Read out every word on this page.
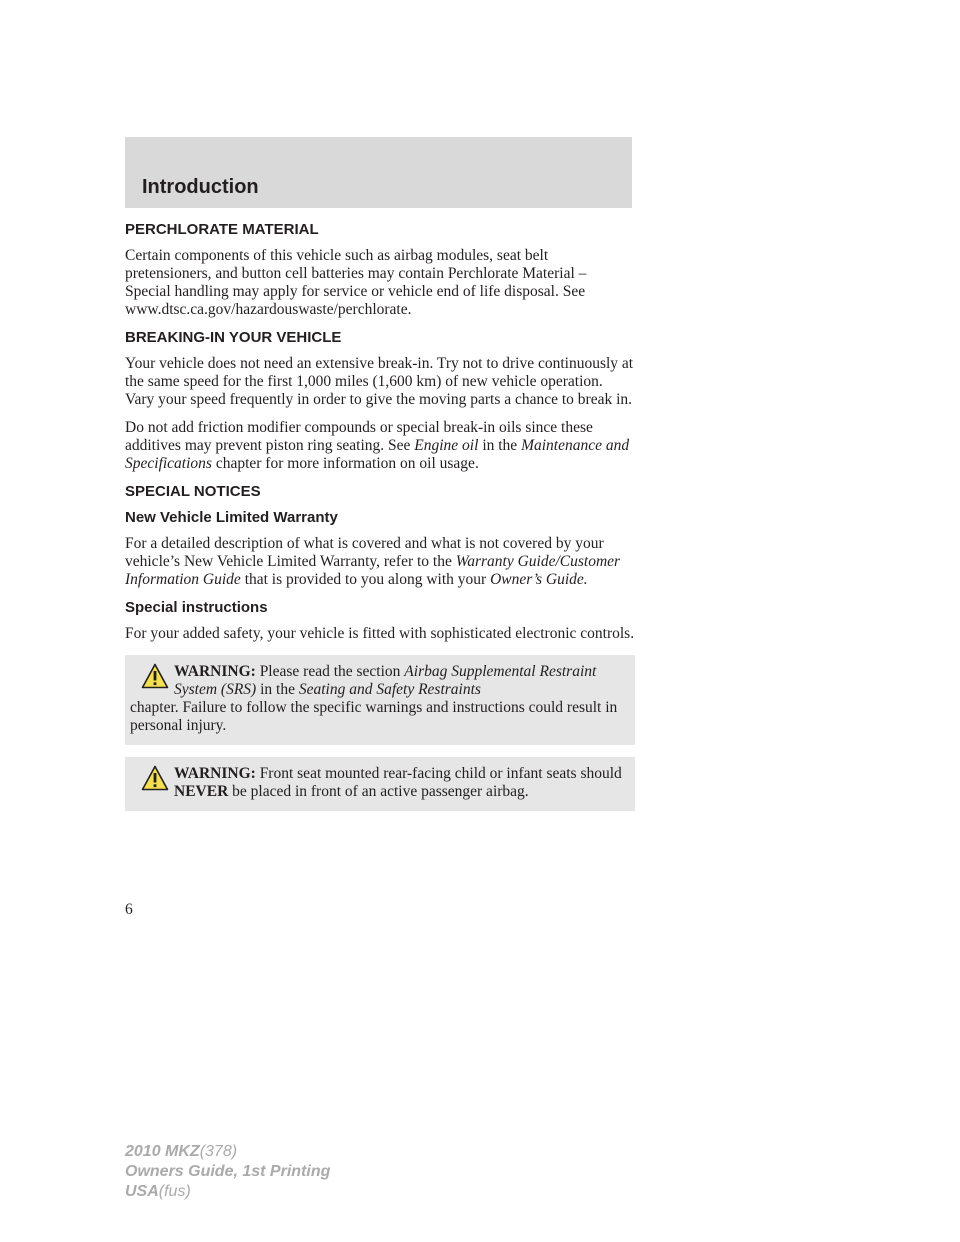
Introduction
PERCHLORATE MATERIAL

Certain components of this vehicle such as airbag modules, seat belt pretensioners, and button cell batteries may contain Perchlorate Material – Special handling may apply for service or vehicle end of life disposal. See www.dtsc.ca.gov/hazardouswaste/perchlorate.

BREAKING-IN YOUR VEHICLE

Your vehicle does not need an extensive break-in. Try not to drive continuously at the same speed for the first 1,000 miles (1,600 km) of new vehicle operation. Vary your speed frequently in order to give the moving parts a chance to break in.

Do not add friction modifier compounds or special break-in oils since these additives may prevent piston ring seating. See Engine oil in the Maintenance and Specifications chapter for more information on oil usage.

SPECIAL NOTICES
New Vehicle Limited Warranty

For a detailed description of what is covered and what is not covered by your vehicle’s New Vehicle Limited Warranty, refer to the Warranty Guide/Customer Information Guide that is provided to you along with your Owner’s Guide.

Special instructions

For your added safety, your vehicle is fitted with sophisticated electronic controls.

WARNING: Please read the section Airbag Supplemental Restraint System (SRS) in the Seating and Safety Restraints
chapter. Failure to follow the specific warnings and instructions could result in personal injury.
WARNING: Front seat mounted rear-facing child or infant seats should NEVER be placed in front of an active passenger airbag.

6

2010 MKZ(378)
Owners Guide, 1st Printing
USA(fus)
